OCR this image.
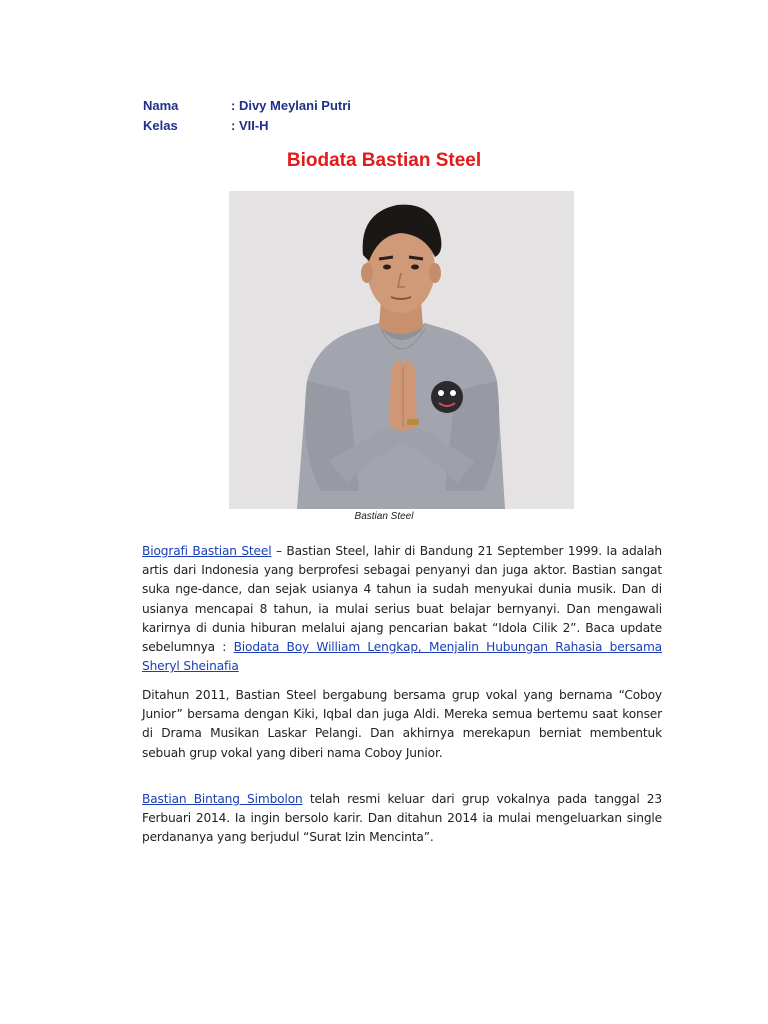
Nama	: Divy Meylani Putri
Kelas	: VII-H
Biodata Bastian Steel
Bastian Steel

Biografi Bastian Steel – Bastian Steel, lahir di Bandung 21 September 1999. Ia adalah artis dari Indonesia yang berprofesi sebagai penyanyi dan juga aktor. Bastian sangat suka nge-dance, dan sejak usianya 4 tahun ia sudah menyukai dunia musik. Dan di usianya mencapai 8 tahun, ia mulai serius buat belajar bernyanyi. Dan mengawali karirnya di dunia hiburan melalui ajang pencarian bakat “Idola Cilik 2”. Baca update sebelumnya : Biodata Boy William Lengkap, Menjalin Hubungan Rahasia bersama Sheryl Sheinafia

Ditahun 2011, Bastian Steel bergabung bersama grup vokal yang bernama “Coboy Junior” bersama dengan Kiki, Iqbal dan juga Aldi. Mereka semua bertemu saat konser di Drama Musikan Laskar Pelangi. Dan akhirnya merekapun berniat membentuk sebuah grup vokal yang diberi nama Coboy Junior.

Bastian Bintang Simbolon telah resmi keluar dari grup vokalnya pada tanggal 23 Ferbuari 2014. Ia ingin bersolo karir. Dan ditahun 2014 ia mulai mengeluarkan single perdananya yang berjudul “Surat Izin Mencinta”.
